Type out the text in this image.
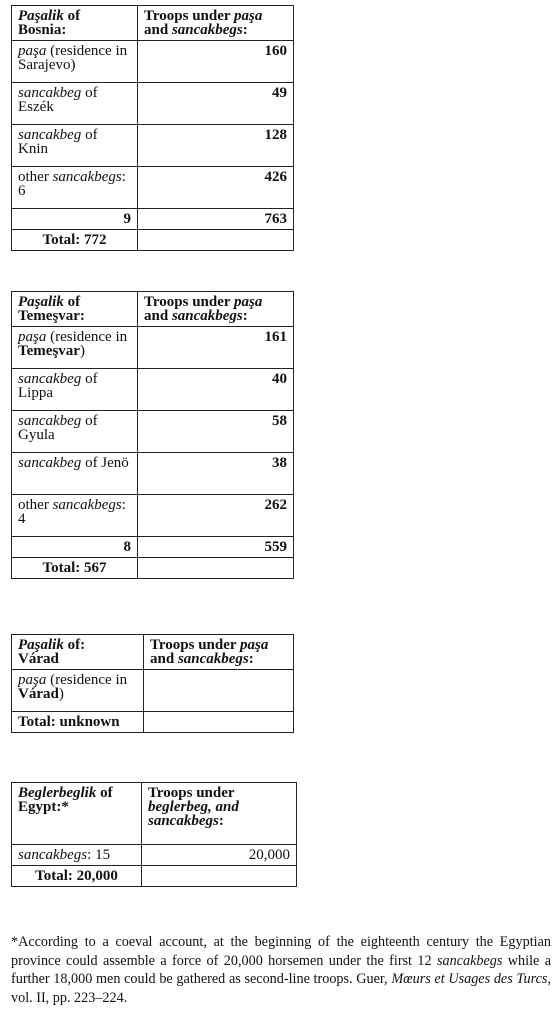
Paşalik of
Bosnia:	Troops under paşa
and sancakbegs:
paşa (residence in Sarajevo)	160
sancakbeg of Eszék	49
sancakbeg of Knin	128
other sancakbegs: 6	426
9	763
Total: 772	
Paşalik of
Temeşvar:	Troops under paşa
and sancakbegs:
paşa (residence in Temeşvar)	161
sancakbeg of Lippa	40
sancakbeg of Gyula	58
sancakbeg of Jenö	38
other sancakbegs: 4	262
8	559
Total: 567	
Paşalik of:
Várad	Troops under paşa
and sancakbegs:
paşa (residence in Várad)	
Total: unknown	
Beglerbeglik of
Egypt:*	Troops under
beglerbeg, and sancakbegs:
sancakbegs: 15	20,000
Total: 20,000	
*According to a coeval account, at the beginning of the eighteenth century the Egyptian province could assemble a force of 20,000 horsemen under the first 12 sancakbegs while a further 18,000 men could be gathered as second-line troops. Guer, Mœurs et Usages des Turcs, vol. II, pp. 223–224.
